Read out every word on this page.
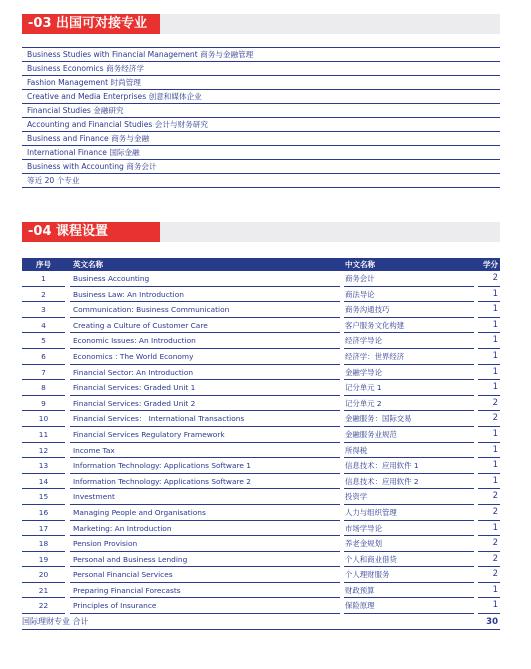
-03 出国可对接专业
Business Studies with Financial Management 商务与金融管理
Business Economics 商务经济学
Fashion Management 时尚管理
Creative and Media Enterprises 创意和媒体企业
Financial Studies 金融研究
Accounting and Financial Studies 会计与财务研究
Business and Finance 商务与金融
International Finance 国际金融
Business with Accounting 商务会计
等近 20 个专业
-04 课程设置
序号	英文名称	中文名称	学分
1	Business Accounting	商务会计	2
2	Business Law: An Introduction	商法导论	1
3	Communication: Business Communication	商务沟通技巧	1
4	Creating a Culture of Customer Care	客户服务文化构建	1
5	Economic Issues: An Introduction	经济学导论	1
6	Economics : The World Economy	经济学：世界经济	1
7	Financial Sector: An Introduction	金融学导论	1
8	Financial Services: Graded Unit 1	记分单元 1	1
9	Financial Services: Graded Unit 2	记分单元 2	2
10	Financial Services： International Transactions	金融服务：国际交易	2
11	Financial Services Regulatory Framework	金融服务业规范	1
12	Income Tax	所得税	1
13	Information Technology: Applications Software 1	信息技术：应用软件 1	1
14	Information Technology: Applications Software 2	信息技术：应用软件 2	1
15	Investment	投资学	2
16	Managing People and Organisations	人力与组织管理	2
17	Marketing: An Introduction	市场学导论	1
18	Pension Provision	养老金规划	2
19	Personal and Business Lending	个人和商业借贷	2
20	Personal Financial Services	个人理财服务	2
21	Preparing Financial Forecasts	财政预算	1
22	Principles of Insurance	保险原理	1
国际理财专业 合计	30
